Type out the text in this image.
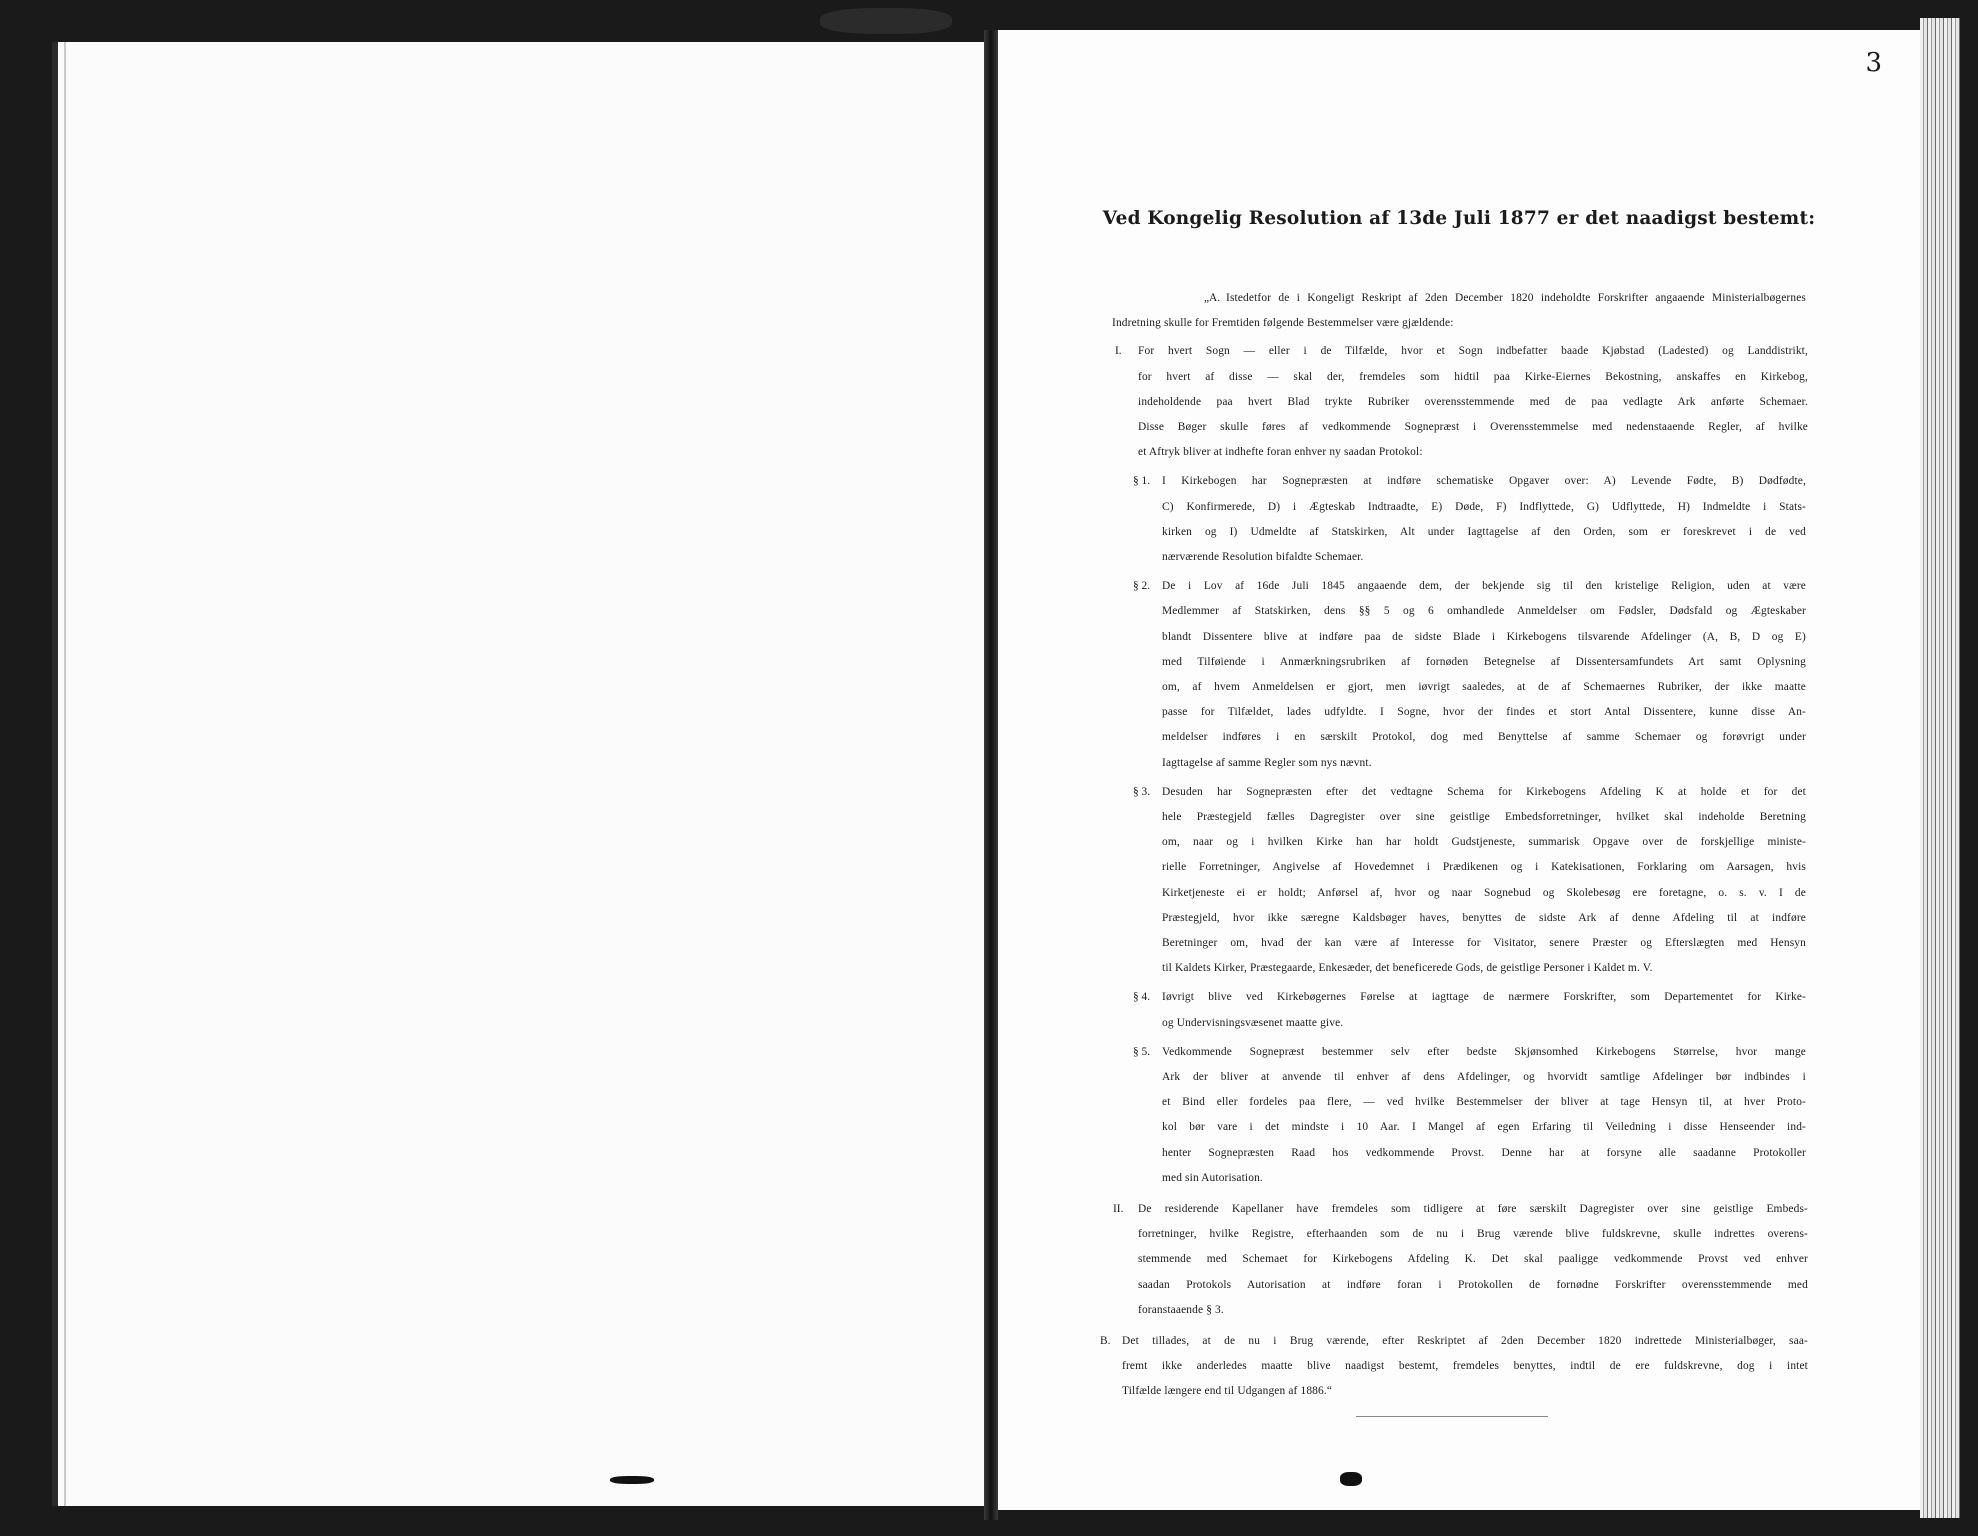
3
Ved Kongelig Resolution af 13de Juli 1877 er det naadigst bestemt:
„A. Istedetfor de i Kongeligt Reskript af 2den December 1820 indeholdte Forskrifter angaaende Ministerialbøgernes
Indretning skulle for Fremtiden følgende Bestemmelser være gjældende:
I. For hvert Sogn — eller i de Tilfælde, hvor et Sogn indbefatter baade Kjøbstad (Ladested) og Landdistrikt,
for hvert af disse — skal der, fremdeles som hidtil paa Kirke-Eiernes Bekostning, anskaffes en Kirkebog,
indeholdende paa hvert Blad trykte Rubriker overensstemmende med de paa vedlagte Ark anførte Schemaer.
Disse Bøger skulle føres af vedkommende Sognepræst i Overensstemmelse med nedenstaaende Regler, af hvilke
et Aftryk bliver at indhefte foran enhver ny saadan Protokol:
§ 1. I Kirkebogen har Sognepræsten at indføre schematiske Opgaver over: A) Levende Fødte, B) Dødfødte,
C) Konfirmerede, D) i Ægteskab Indtraadte, E) Døde, F) Indflyttede, G) Udflyttede, H) Indmeldte i Stats-
kirken og I) Udmeldte af Statskirken, Alt under Iagttagelse af den Orden, som er foreskrevet i de ved
nærværende Resolution bifaldte Schemaer.
§ 2. De i Lov af 16de Juli 1845 angaaende dem, der bekjende sig til den kristelige Religion, uden at være
Medlemmer af Statskirken, dens §§ 5 og 6 omhandlede Anmeldelser om Fødsler, Dødsfald og Ægteskaber
blandt Dissentere blive at indføre paa de sidste Blade i Kirkebogens tilsvarende Afdelinger (A, B, D og E)
med Tilføiende i Anmærkningsrubriken af fornøden Betegnelse af Dissentersamfundets Art samt Oplysning
om, af hvem Anmeldelsen er gjort, men iøvrigt saaledes, at de af Schemaernes Rubriker, der ikke maatte
passe for Tilfældet, lades udfyldte. I Sogne, hvor der findes et stort Antal Dissentere, kunne disse An-
meldelser indføres i en særskilt Protokol, dog med Benyttelse af samme Schemaer og forøvrigt under
Iagttagelse af samme Regler som nys nævnt.
§ 3. Desuden har Sognepræsten efter det vedtagne Schema for Kirkebogens Afdeling K at holde et for det
hele Præstegjeld fælles Dagregister over sine geistlige Embedsforretninger, hvilket skal indeholde Beretning
om, naar og i hvilken Kirke han har holdt Gudstjeneste, summarisk Opgave over de forskjellige ministe-
rielle Forretninger, Angivelse af Hovedemnet i Prædikenen og i Katekisationen, Forklaring om Aarsagen, hvis
Kirketjeneste ei er holdt; Anførsel af, hvor og naar Sognebud og Skolebesøg ere foretagne, o. s. v. I de
Præstegjeld, hvor ikke særegne Kaldsbøger haves, benyttes de sidste Ark af denne Afdeling til at indføre
Beretninger om, hvad der kan være af Interesse for Visitator, senere Præster og Efterslægten med Hensyn
til Kaldets Kirker, Præstegaarde, Enkesæder, det beneficerede Gods, de geistlige Personer i Kaldet m. V.
§ 4. Iøvrigt blive ved Kirkebøgernes Førelse at iagttage de nærmere Forskrifter, som Departementet for Kirke-
og Undervisningsvæsenet maatte give.
§ 5. Vedkommende Sognepræst bestemmer selv efter bedste Skjønsomhed Kirkebogens Størrelse, hvor mange
Ark der bliver at anvende til enhver af dens Afdelinger, og hvorvidt samtlige Afdelinger bør indbindes i
et Bind eller fordeles paa flere, — ved hvilke Bestemmelser der bliver at tage Hensyn til, at hver Proto-
kol bør vare i det mindste i 10 Aar. I Mangel af egen Erfaring til Veiledning i disse Henseender ind-
henter Sognepræsten Raad hos vedkommende Provst. Denne har at forsyne alle saadanne Protokoller
med sin Autorisation.
II. De residerende Kapellaner have fremdeles som tidligere at føre særskilt Dagregister over sine geistlige Embeds-
forretninger, hvilke Registre, efterhaanden som de nu i Brug værende blive fuldskrevne, skulle indrettes overens-
stemmende med Schemaet for Kirkebogens Afdeling K. Det skal paaligge vedkommende Provst ved enhver
saadan Protokols Autorisation at indføre foran i Protokollen de fornødne Forskrifter overensstemmende med
foranstaaende § 3.
B. Det tillades, at de nu i Brug værende, efter Reskriptet af 2den December 1820 indrettede Ministerialbøger, saa-
fremt ikke anderledes maatte blive naadigst bestemt, fremdeles benyttes, indtil de ere fuldskrevne, dog i intet
Tilfælde længere end til Udgangen af 1886.“
